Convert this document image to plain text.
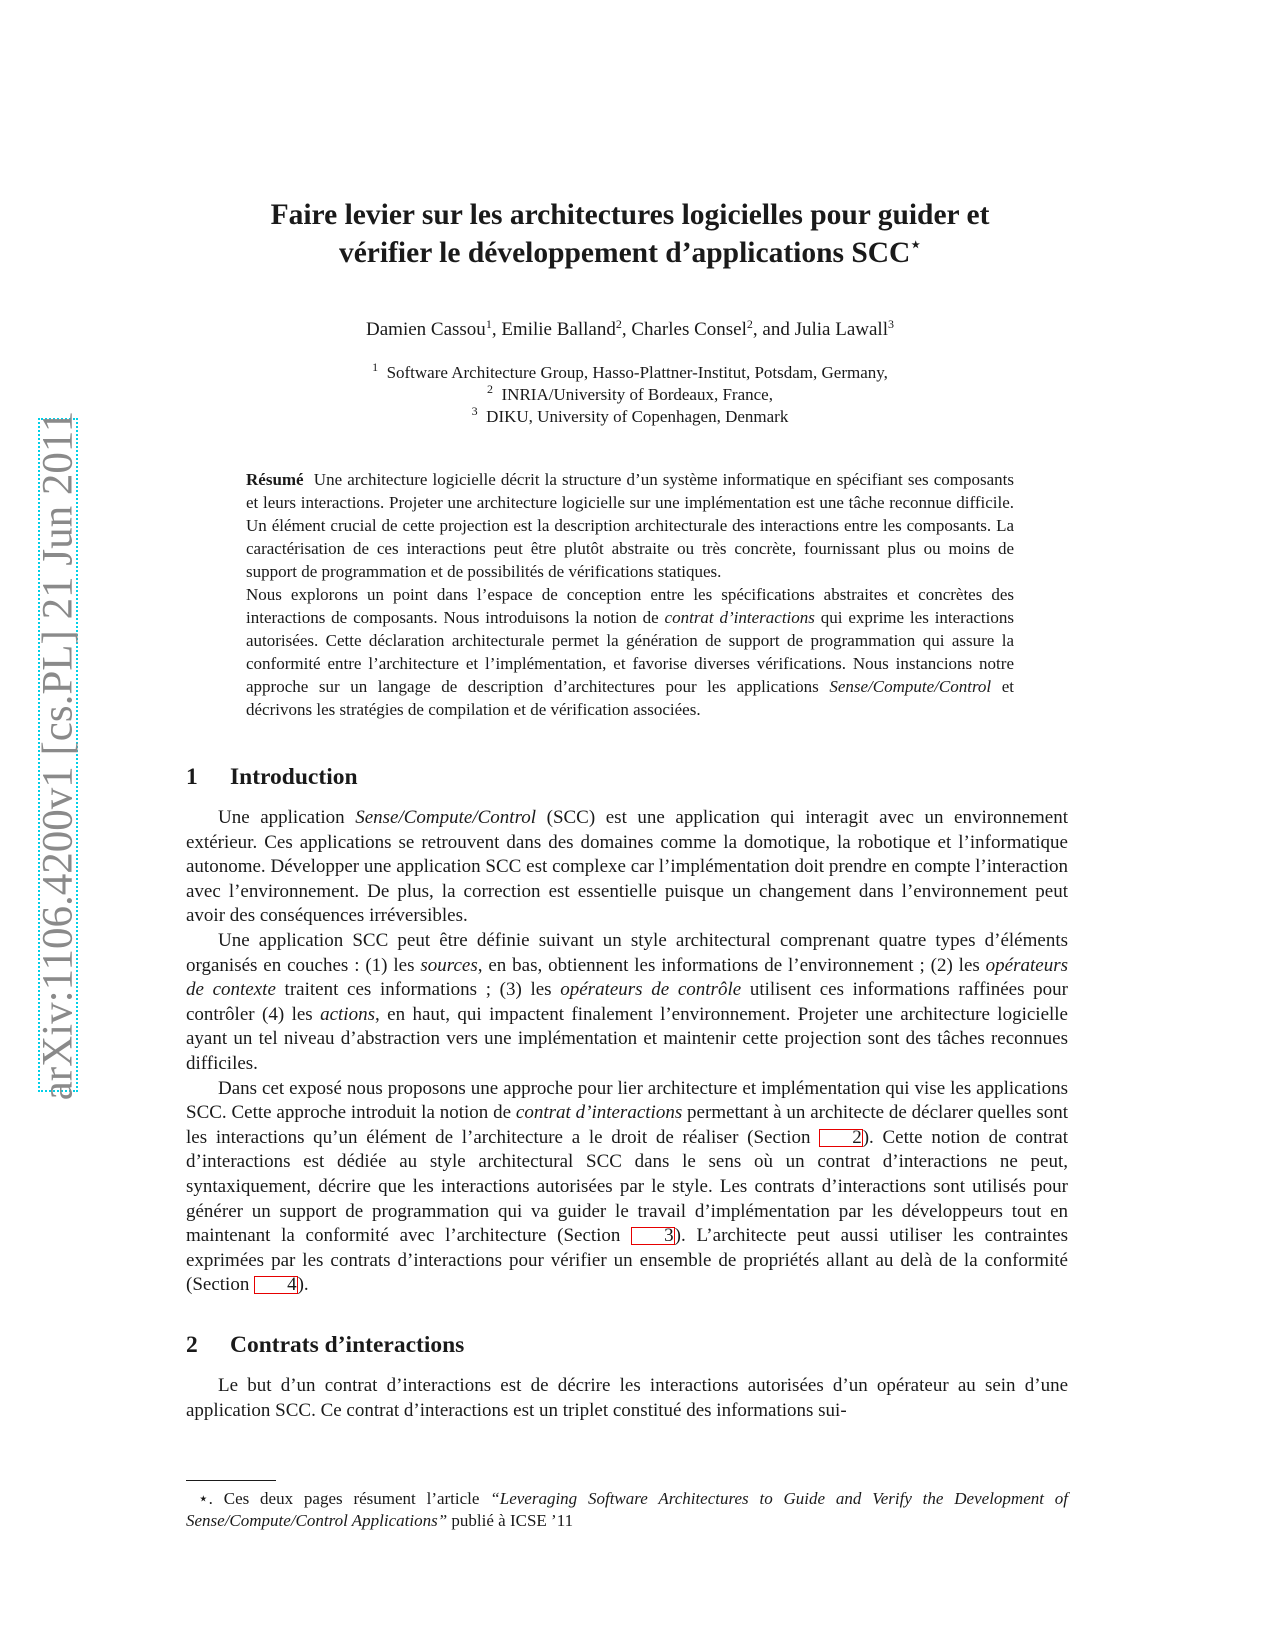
arXiv:1106.4200v1 [cs.PL] 21 Jun 2011
Faire levier sur les architectures logicielles pour guider et
vérifier le développement d’applications SCC⋆
Damien Cassou$^1$, Emilie Balland$^2$, Charles Consel$^2$, and Julia Lawall$^3$
$^1$ Software Architecture Group, Hasso-Plattner-Institut, Potsdam, Germany,
$^2$ INRIA/University of Bordeaux, France,
$^3$ DIKU, University of Copenhagen, Denmark

Résumé Une architecture logicielle décrit la structure d’un système informatique en spécifiant ses composants et leurs interactions. Projeter une architecture logicielle sur une implémentation est une tâche reconnue difficile. Un élément crucial de cette projection est la description architecturale des interactions entre les composants. La caractérisation de ces interactions peut être plutôt abstraite ou très concrète, fournissant plus ou moins de support de programmation et de possibilités de vérifications statiques.

Nous explorons un point dans l’espace de conception entre les spécifications abstraites et concrètes des interactions de composants. Nous introduisons la notion de contrat d’interactions qui exprime les interactions autorisées. Cette déclaration architecturale permet la génération de support de programmation qui assure la conformité entre l’architecture et l’implémentation, et favorise diverses vérifications. Nous instancions notre approche sur un langage de description d’architectures pour les applications Sense/Compute/Control et décrivons les stratégies de compilation et de vérification associées.

1 Introduction

Une application Sense/Compute/Control (SCC) est une application qui interagit avec un environnement extérieur. Ces applications se retrouvent dans des domaines comme la domotique, la robotique et l’informatique autonome. Développer une application SCC est complexe car l’implémentation doit prendre en compte l’interaction avec l’environnement. De plus, la correction est essentielle puisque un changement dans l’environnement peut avoir des conséquences irréversibles.

Une application SCC peut être définie suivant un style architectural comprenant quatre types d’éléments organisés en couches : (1) les sources, en bas, obtiennent les informations de l’environnement ; (2) les opérateurs de contexte traitent ces informations ; (3) les opérateurs de contrôle utilisent ces informations raffinées pour contrôler (4) les actions, en haut, qui impactent finalement l’environnement. Projeter une architecture logicielle ayant un tel niveau d’abstraction vers une implémentation et maintenir cette projection sont des tâches reconnues difficiles.

Dans cet exposé nous proposons une approche pour lier architecture et implémentation qui vise les applications SCC. Cette approche introduit la notion de contrat d’interactions permettant à un architecte de déclarer quelles sont les interactions qu’un élément de l’architecture a le droit de réaliser (Section 2). Cette notion de contrat d’interactions est dédiée au style architectural SCC dans le sens où un contrat d’interactions ne peut, syntaxiquement, décrire que les interactions autorisées par le style. Les contrats d’interactions sont utilisés pour générer un support de programmation qui va guider le travail d’implémentation par les développeurs tout en maintenant la conformité avec l’architecture (Section 3). L’architecte peut aussi utiliser les contraintes exprimées par les contrats d’interactions pour vérifier un ensemble de propriétés allant au delà de la conformité (Section 4).

2 Contrats d’interactions

Le but d’un contrat d’interactions est de décrire les interactions autorisées d’un opérateur au sein d’une application SCC. Ce contrat d’interactions est un triplet constitué des informations sui-

⋆. Ces deux pages résument l’article “Leveraging Software Architectures to Guide and Verify the Development of Sense/Compute/Control Applications” publié à ICSE ’11
